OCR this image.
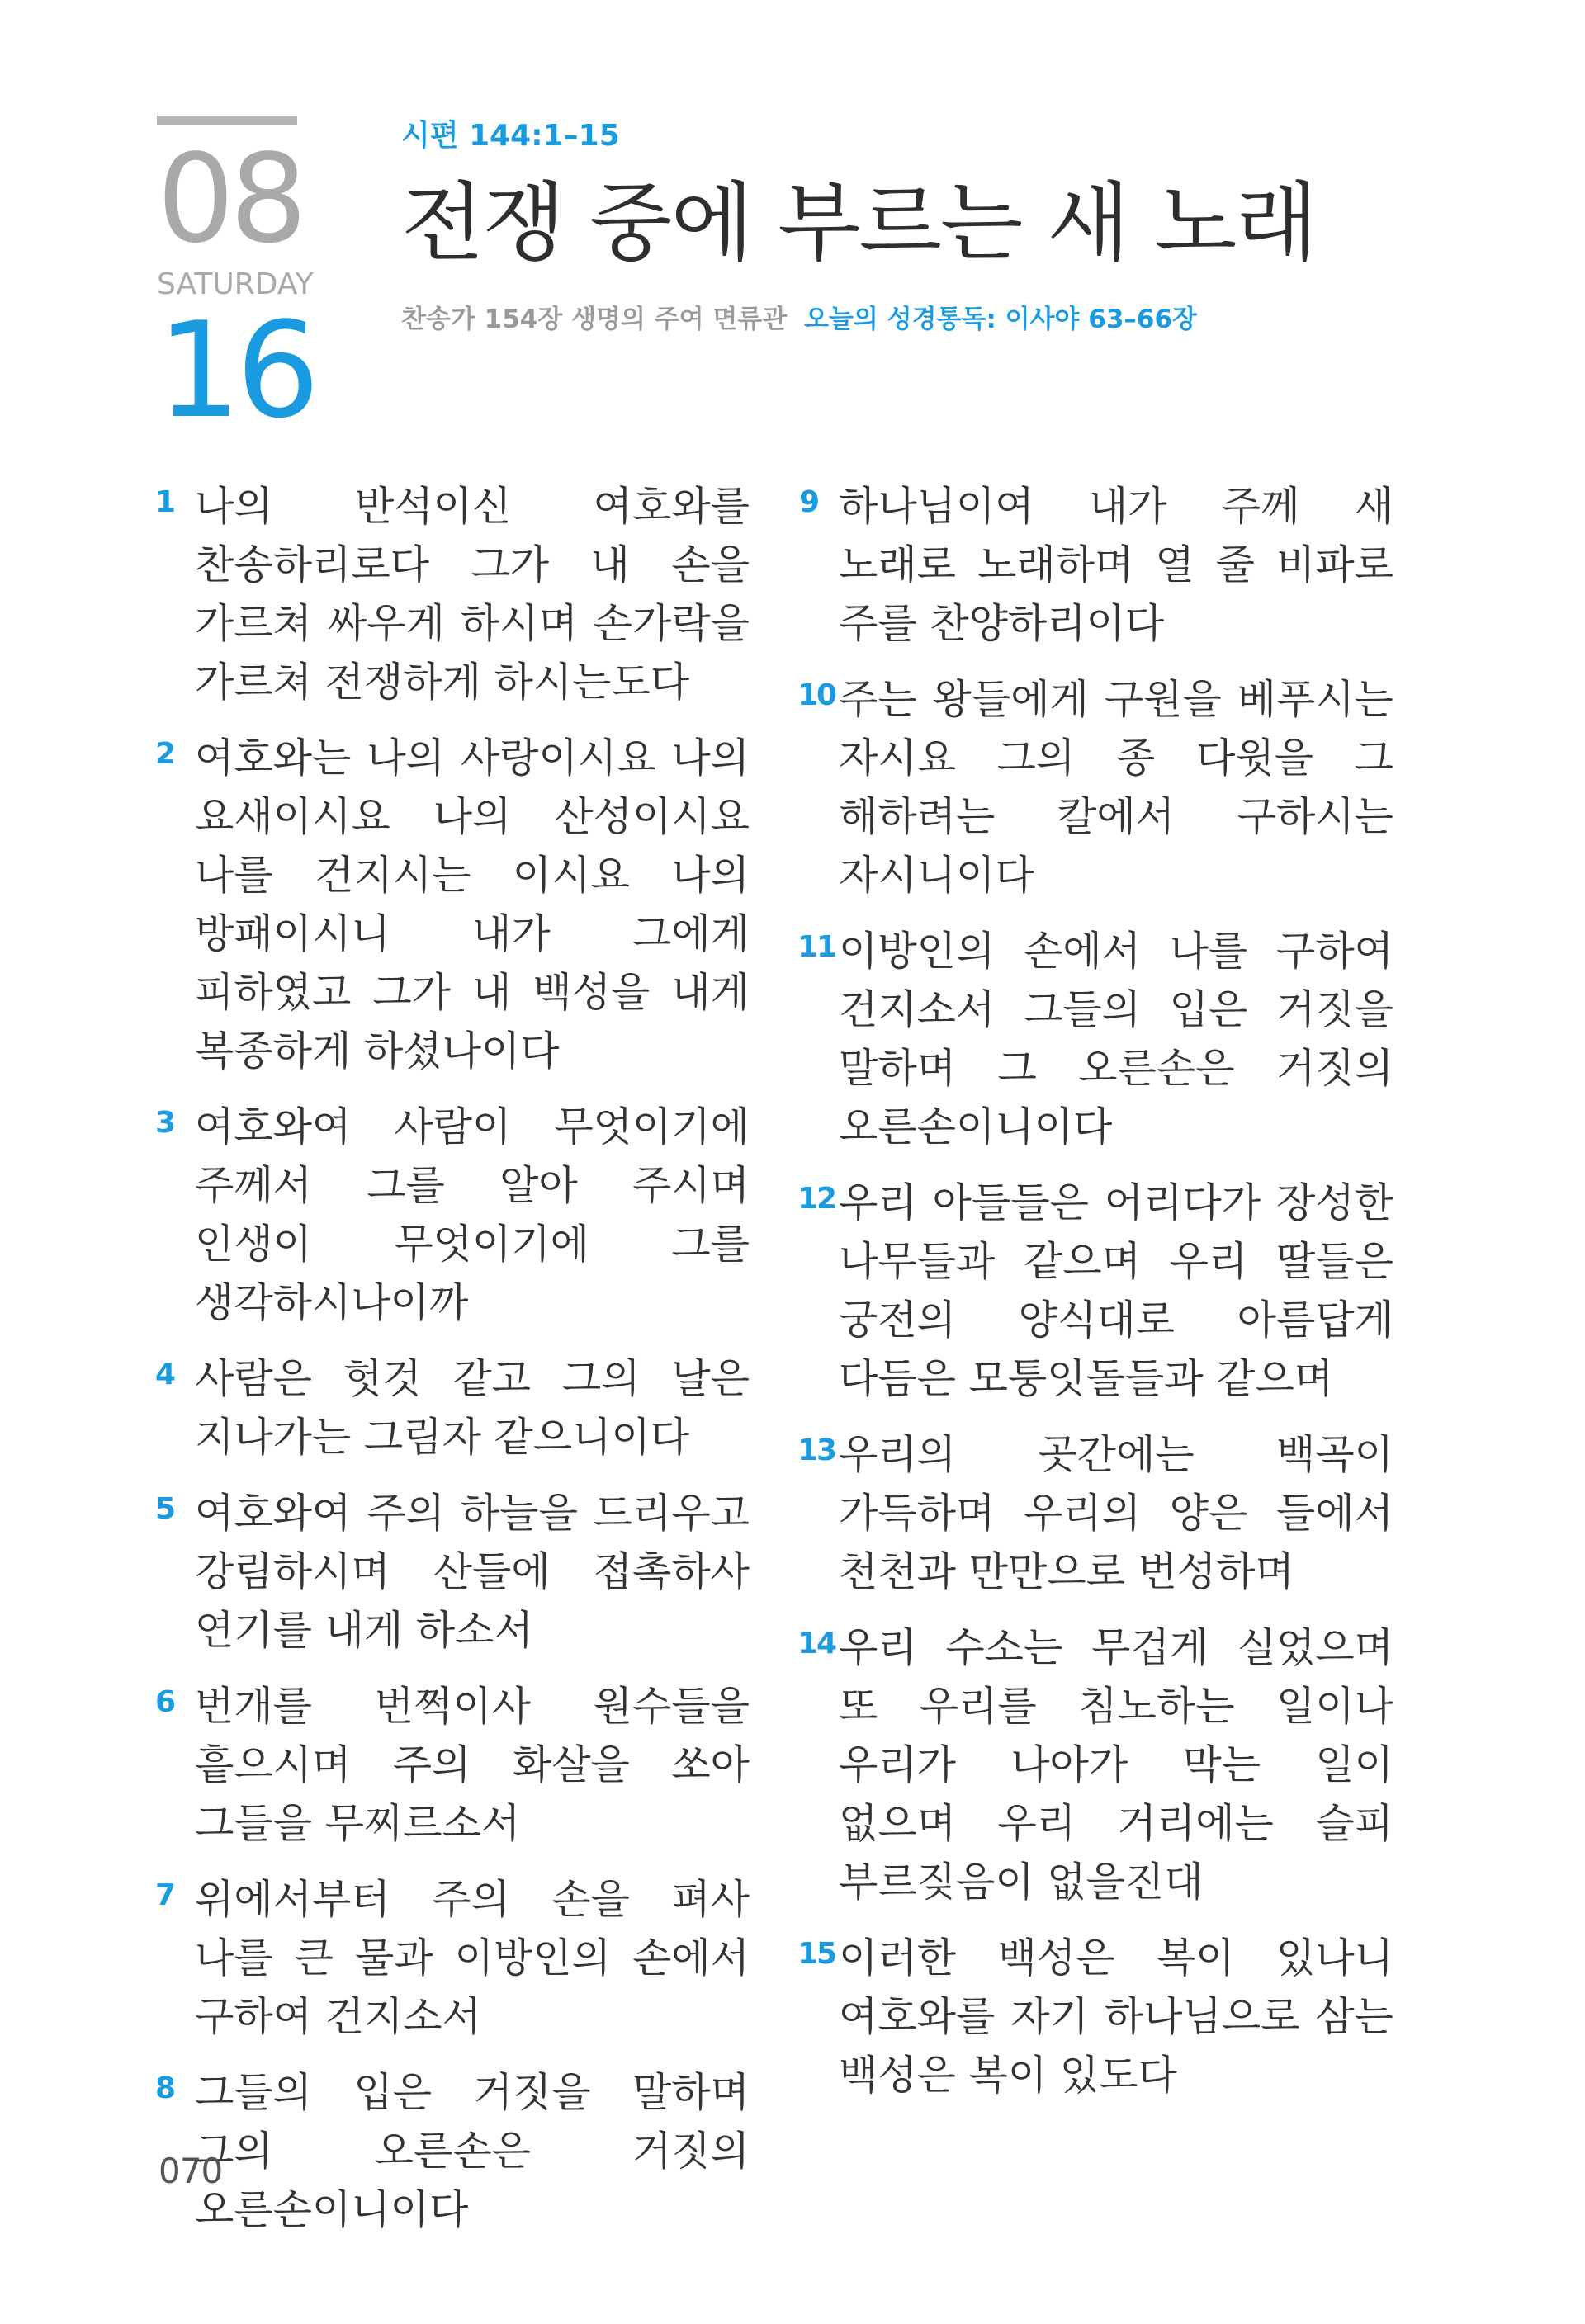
08
SATURDAY
16
시편 144:1–15
전쟁 중에 부르는 새 노래
찬송가 154장 생명의 주여 면류관 오늘의 성경통독: 이사야 63–66장
1 나의 반석이신 여호와를 찬송하리로다 그가 내 손을 가르쳐 싸우게 하시며 손가락을 가르쳐 전쟁하게 하시는도다
2 여호와는 나의 사랑이시요 나의 요새이시요 나의 산성이시요 나를 건지시는 이시요 나의 방패이시니 내가 그에게 피하였고 그가 내 백성을 내게 복종하게 하셨나이다
3 여호와여 사람이 무엇이기에 주께서 그를 알아 주시며 인생이 무엇이기에 그를 생각하시나이까
4 사람은 헛것 같고 그의 날은 지나가는 그림자 같으니이다
5 여호와여 주의 하늘을 드리우고 강림하시며 산들에 접촉하사 연기를 내게 하소서
6 번개를 번쩍이사 원수들을 흩으시며 주의 화살을 쏘아 그들을 무찌르소서
7 위에서부터 주의 손을 펴사 나를 큰 물과 이방인의 손에서 구하여 건지소서
8 그들의 입은 거짓을 말하며 그의 오른손은 거짓의 오른손이니이다
9 하나님이여 내가 주께 새 노래로 노래하며 열 줄 비파로 주를 찬양하리이다
10 주는 왕들에게 구원을 베푸시는 자시요 그의 종 다윗을 그 해하려는 칼에서 구하시는 자시니이다
11 이방인의 손에서 나를 구하여 건지소서 그들의 입은 거짓을 말하며 그 오른손은 거짓의 오른손이니이다
12 우리 아들들은 어리다가 장성한 나무들과 같으며 우리 딸들은 궁전의 양식대로 아름답게 다듬은 모퉁잇돌들과 같으며
13 우리의 곳간에는 백곡이 가득하며 우리의 양은 들에서 천천과 만만으로 번성하며
14 우리 수소는 무겁게 실었으며 또 우리를 침노하는 일이나 우리가 나아가 막는 일이 없으며 우리 거리에는 슬피 부르짖음이 없을진대
15 이러한 백성은 복이 있나니 여호와를 자기 하나님으로 삼는 백성은 복이 있도다
070
